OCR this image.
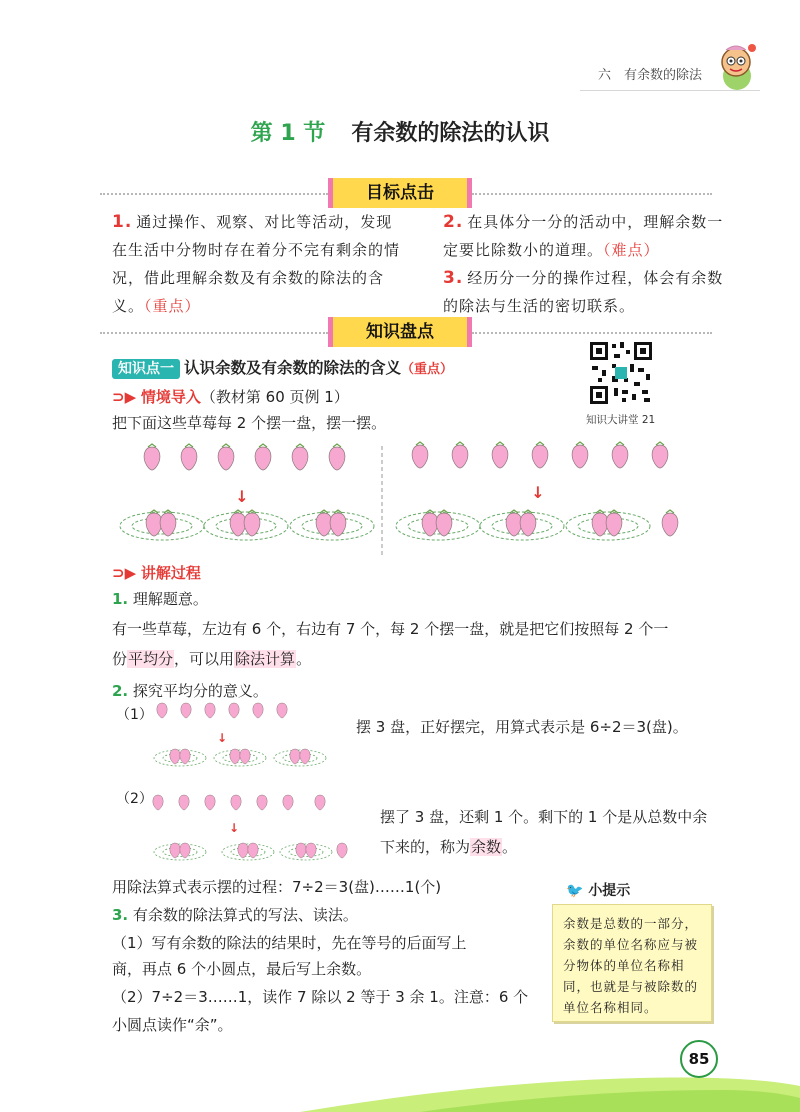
六　有余数的除法
第 1 节 有余数的除法的认识
目标点击
1. 通过操作、观察、对比等活动，发现在生活中分物时存在着分不完有剩余的情况，借此理解余数及有余数的除法的含义。（重点）
2. 在具体分一分的活动中，理解余数一定要比除数小的道理。（难点）
3. 经历分一分的操作过程，体会有余数的除法与生活的密切联系。
知识盘点
知识点一 认识余数及有余数的除法的含义（重点）
知识大讲堂 21
⊃▶ 情境导入（教材第 60 页例 1）
把下面这些草莓每 2 个摆一盘，摆一摆。
↓	↓
⊃▶ 讲解过程
1. 理解题意。
有一些草莓，左边有 6 个，右边有 7 个，每 2 个摆一盘，就是把它们按照每 2 个一
份平均分，可以用除法计算。
2. 探究平均分的意义。
（1）
↓
摆 3 盘，正好摆完，用算式表示是 6÷2＝3(盘)。
（2）
↓
摆了 3 盘，还剩 1 个。剩下的 1 个是从总数中余
下来的，称为余数。
用除法算式表示摆的过程：7÷2＝3(盘)……1(个)
3. 有余数的除法算式的写法、读法。
（1）写有余数的除法的结果时，先在等号的后面写上
商，再点 6 个小圆点，最后写上余数。
（2）7÷2＝3……1，读作 7 除以 2 等于 3 余 1。注意：6 个
小圆点读作“余”。
🐦 小提示
余数是总数的一部分，余数的单位名称应与被分物体的单位名称相同，也就是与被除数的单位名称相同。
85
